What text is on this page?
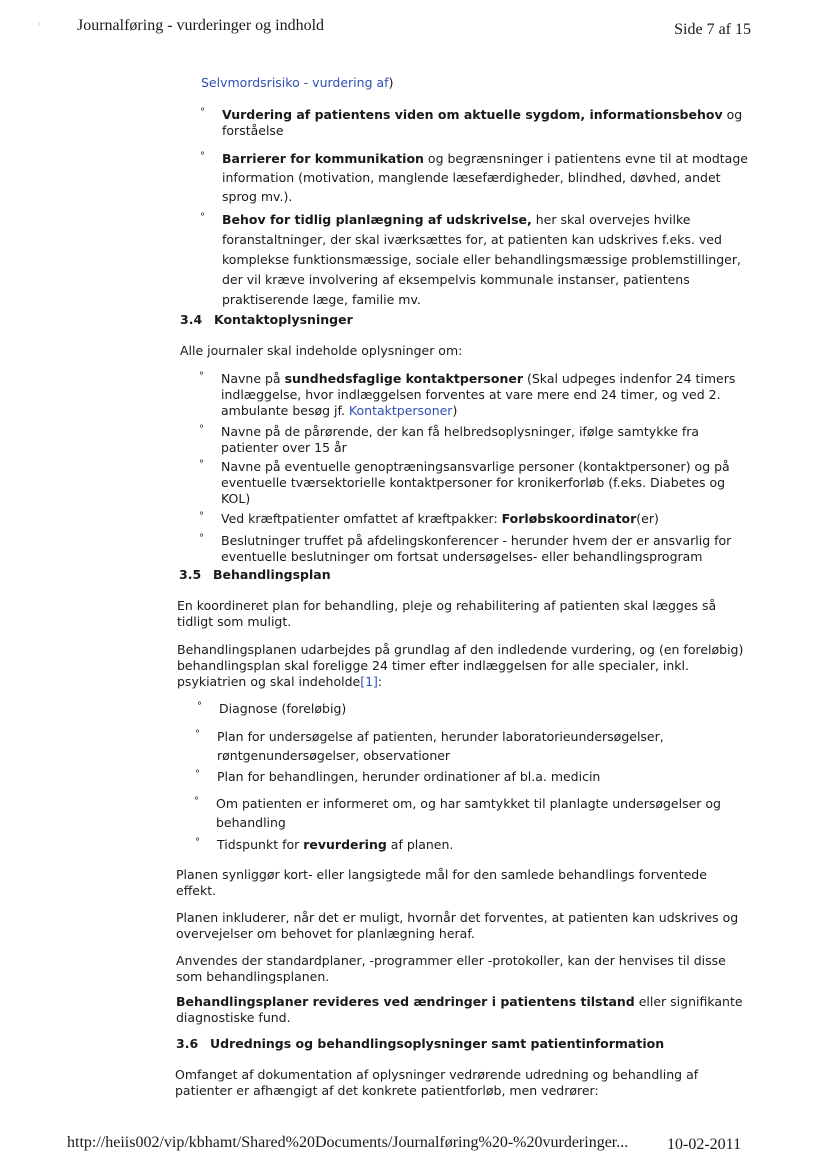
· Journalføring - vurderinger og indhold	Side 7 af 15
Selvmordsrisiko - vurdering af)
° Vurdering af patientens viden om aktuelle sygdom, informationsbehov og
forståelse
° Barrierer for kommunikation og begrænsninger i patientens evne til at modtage
information (motivation, manglende læsefærdigheder, blindhed, døvhed, andet
sprog mv.).
° Behov for tidlig planlægning af udskrivelse, her skal overvejes hvilke
foranstaltninger, der skal iværksættes for, at patienten kan udskrives f.eks. ved
komplekse funktionsmæssige, sociale eller behandlingsmæssige problemstillinger,
der vil kræve involvering af eksempelvis kommunale instanser, patientens
praktiserende læge, familie mv.
3.4 Kontaktoplysninger
Alle journaler skal indeholde oplysninger om:
° Navne på sundhedsfaglige kontaktpersoner (Skal udpeges indenfor 24 timers
indlæggelse, hvor indlæggelsen forventes at vare mere end 24 timer, og ved 2.
ambulante besøg jf. Kontaktpersoner)
° Navne på de pårørende, der kan få helbredsoplysninger, ifølge samtykke fra
patienter over 15 år
° Navne på eventuelle genoptræningsansvarlige personer (kontaktpersoner) og på
eventuelle tværsektorielle kontaktpersoner for kronikerforløb (f.eks. Diabetes og
KOL)
° Ved kræftpatienter omfattet af kræftpakker: Forløbskoordinator(er)
° Beslutninger truffet på afdelingskonferencer - herunder hvem der er ansvarlig for
eventuelle beslutninger om fortsat undersøgelses- eller behandlingsprogram
3.5 Behandlingsplan
En koordineret plan for behandling, pleje og rehabilitering af patienten skal lægges så
tidligt som muligt.
Behandlingsplanen udarbejdes på grundlag af den indledende vurdering, og (en foreløbig)
behandlingsplan skal foreligge 24 timer efter indlæggelsen for alle specialer, inkl.
psykiatrien og skal indeholde[1]:
° Diagnose (foreløbig)
° Plan for undersøgelse af patienten, herunder laboratorieundersøgelser,
røntgenundersøgelser, observationer
° Plan for behandlingen, herunder ordinationer af bl.a. medicin
° Om patienten er informeret om, og har samtykket til planlagte undersøgelser og
behandling
° Tidspunkt for revurdering af planen.
Planen synliggør kort- eller langsigtede mål for den samlede behandlings forventede
effekt.
Planen inkluderer, når det er muligt, hvornår det forventes, at patienten kan udskrives og
overvejelser om behovet for planlægning heraf.
Anvendes der standardplaner, -programmer eller -protokoller, kan der henvises til disse
som behandlingsplanen.
Behandlingsplaner revideres ved ændringer i patientens tilstand eller signifikante
diagnostiske fund.
3.6 Udrednings og behandlingsoplysninger samt patientinformation
Omfanget af dokumentation af oplysninger vedrørende udredning og behandling af
patienter er afhængigt af det konkrete patientforløb, men vedrører:
http://heiis002/vip/kbhamt/Shared%20Documents/Journalføring%20-%20vurderinger... 10-02-2011
